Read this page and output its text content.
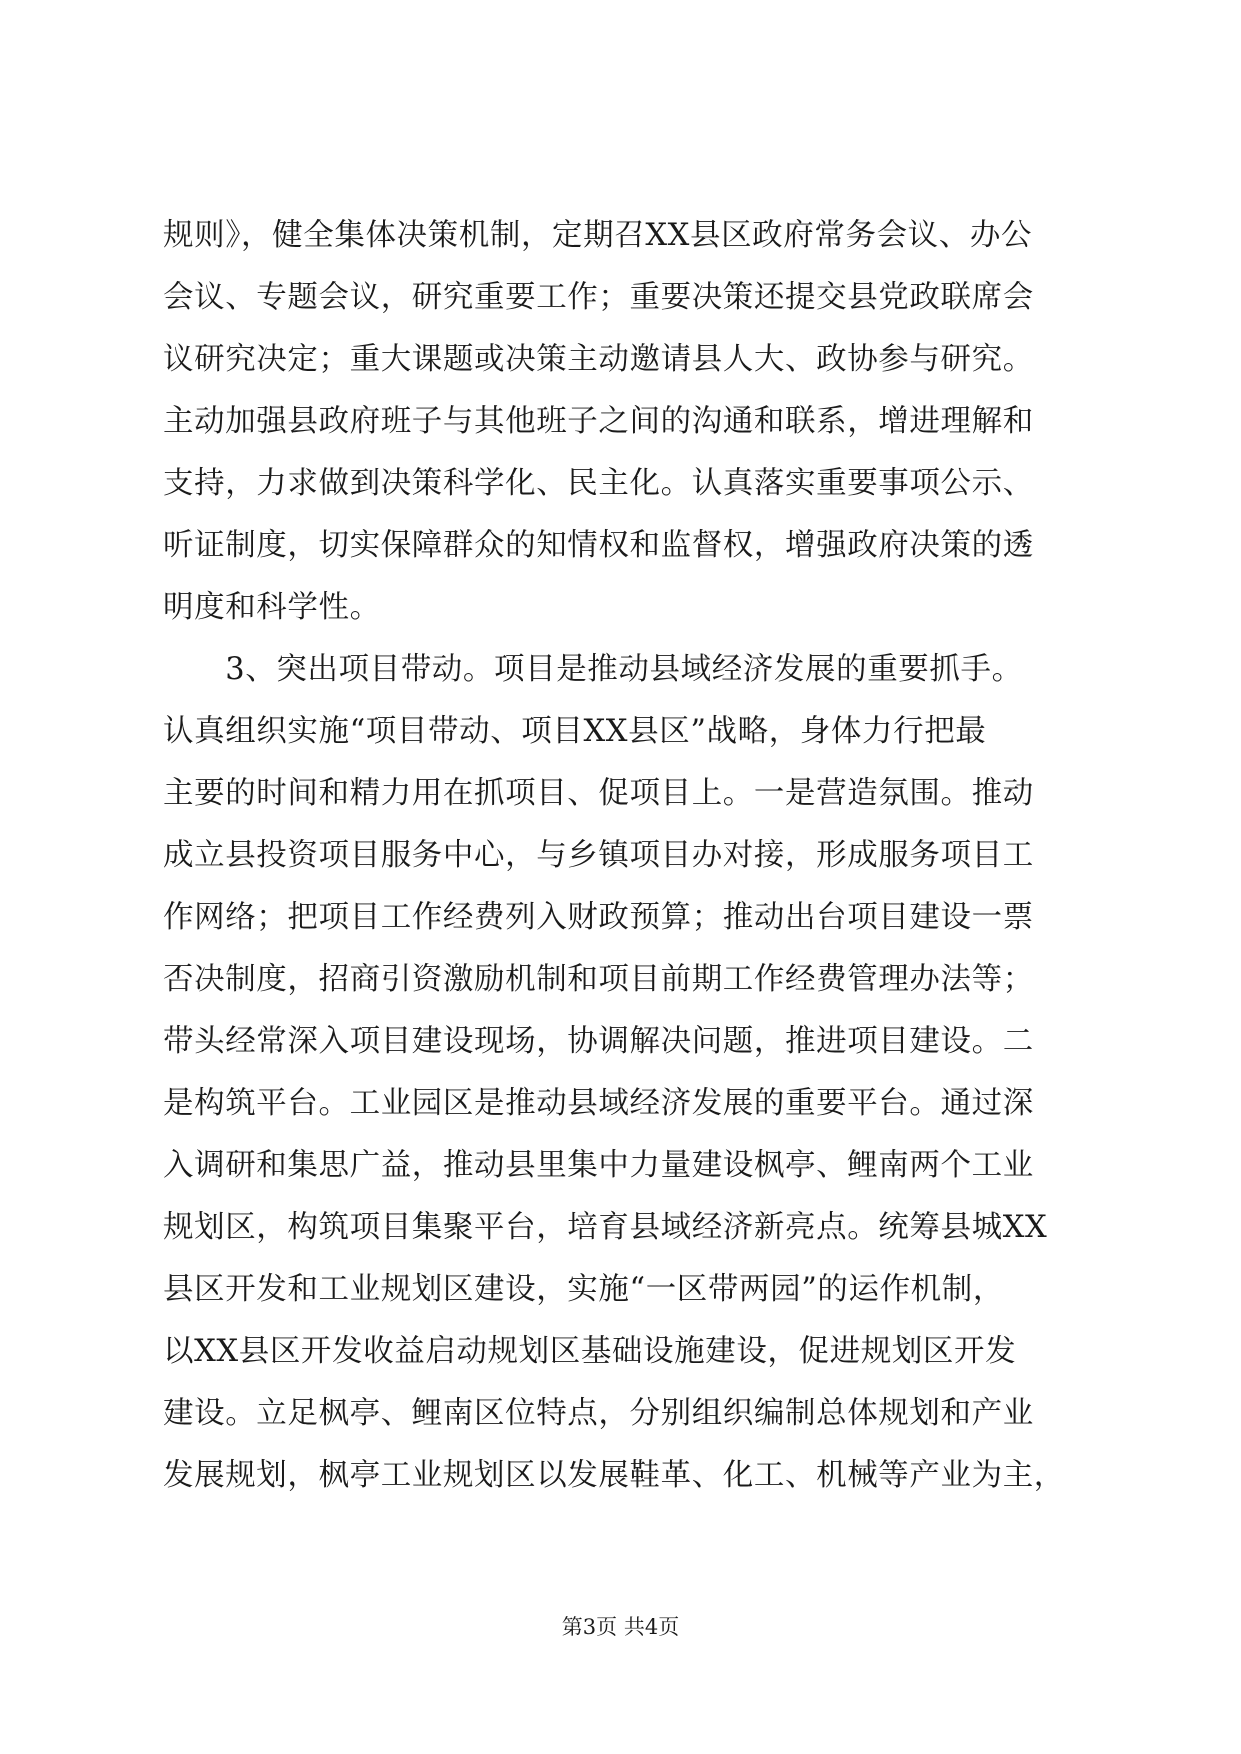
规则》，健全集体决策机制，定期召XX县区政府常务会议、办公
会议、专题会议，研究重要工作；重要决策还提交县党政联席会
议研究决定；重大课题或决策主动邀请县人大、政协参与研究。
主动加强县政府班子与其他班子之间的沟通和联系，增进理解和
支持，力求做到决策科学化、民主化。认真落实重要事项公示、
听证制度，切实保障群众的知情权和监督权，增强政府决策的透
明度和科学性。
　　3、突出项目带动。项目是推动县域经济发展的重要抓手。
认真组织实施“项目带动、项目XX县区”战略，身体力行把最
主要的时间和精力用在抓项目、促项目上。一是营造氛围。推动
成立县投资项目服务中心，与乡镇项目办对接，形成服务项目工
作网络；把项目工作经费列入财政预算；推动出台项目建设一票
否决制度，招商引资激励机制和项目前期工作经费管理办法等；
带头经常深入项目建设现场，协调解决问题，推进项目建设。二
是构筑平台。工业园区是推动县域经济发展的重要平台。通过深
入调研和集思广益，推动县里集中力量建设枫亭、鲤南两个工业
规划区，构筑项目集聚平台，培育县域经济新亮点。统筹县城XX
县区开发和工业规划区建设，实施“一区带两园”的运作机制，
以XX县区开发收益启动规划区基础设施建设，促进规划区开发
建设。立足枫亭、鲤南区位特点，分别组织编制总体规划和产业
发展规划，枫亭工业规划区以发展鞋革、化工、机械等产业为主，
第3页 共4页
